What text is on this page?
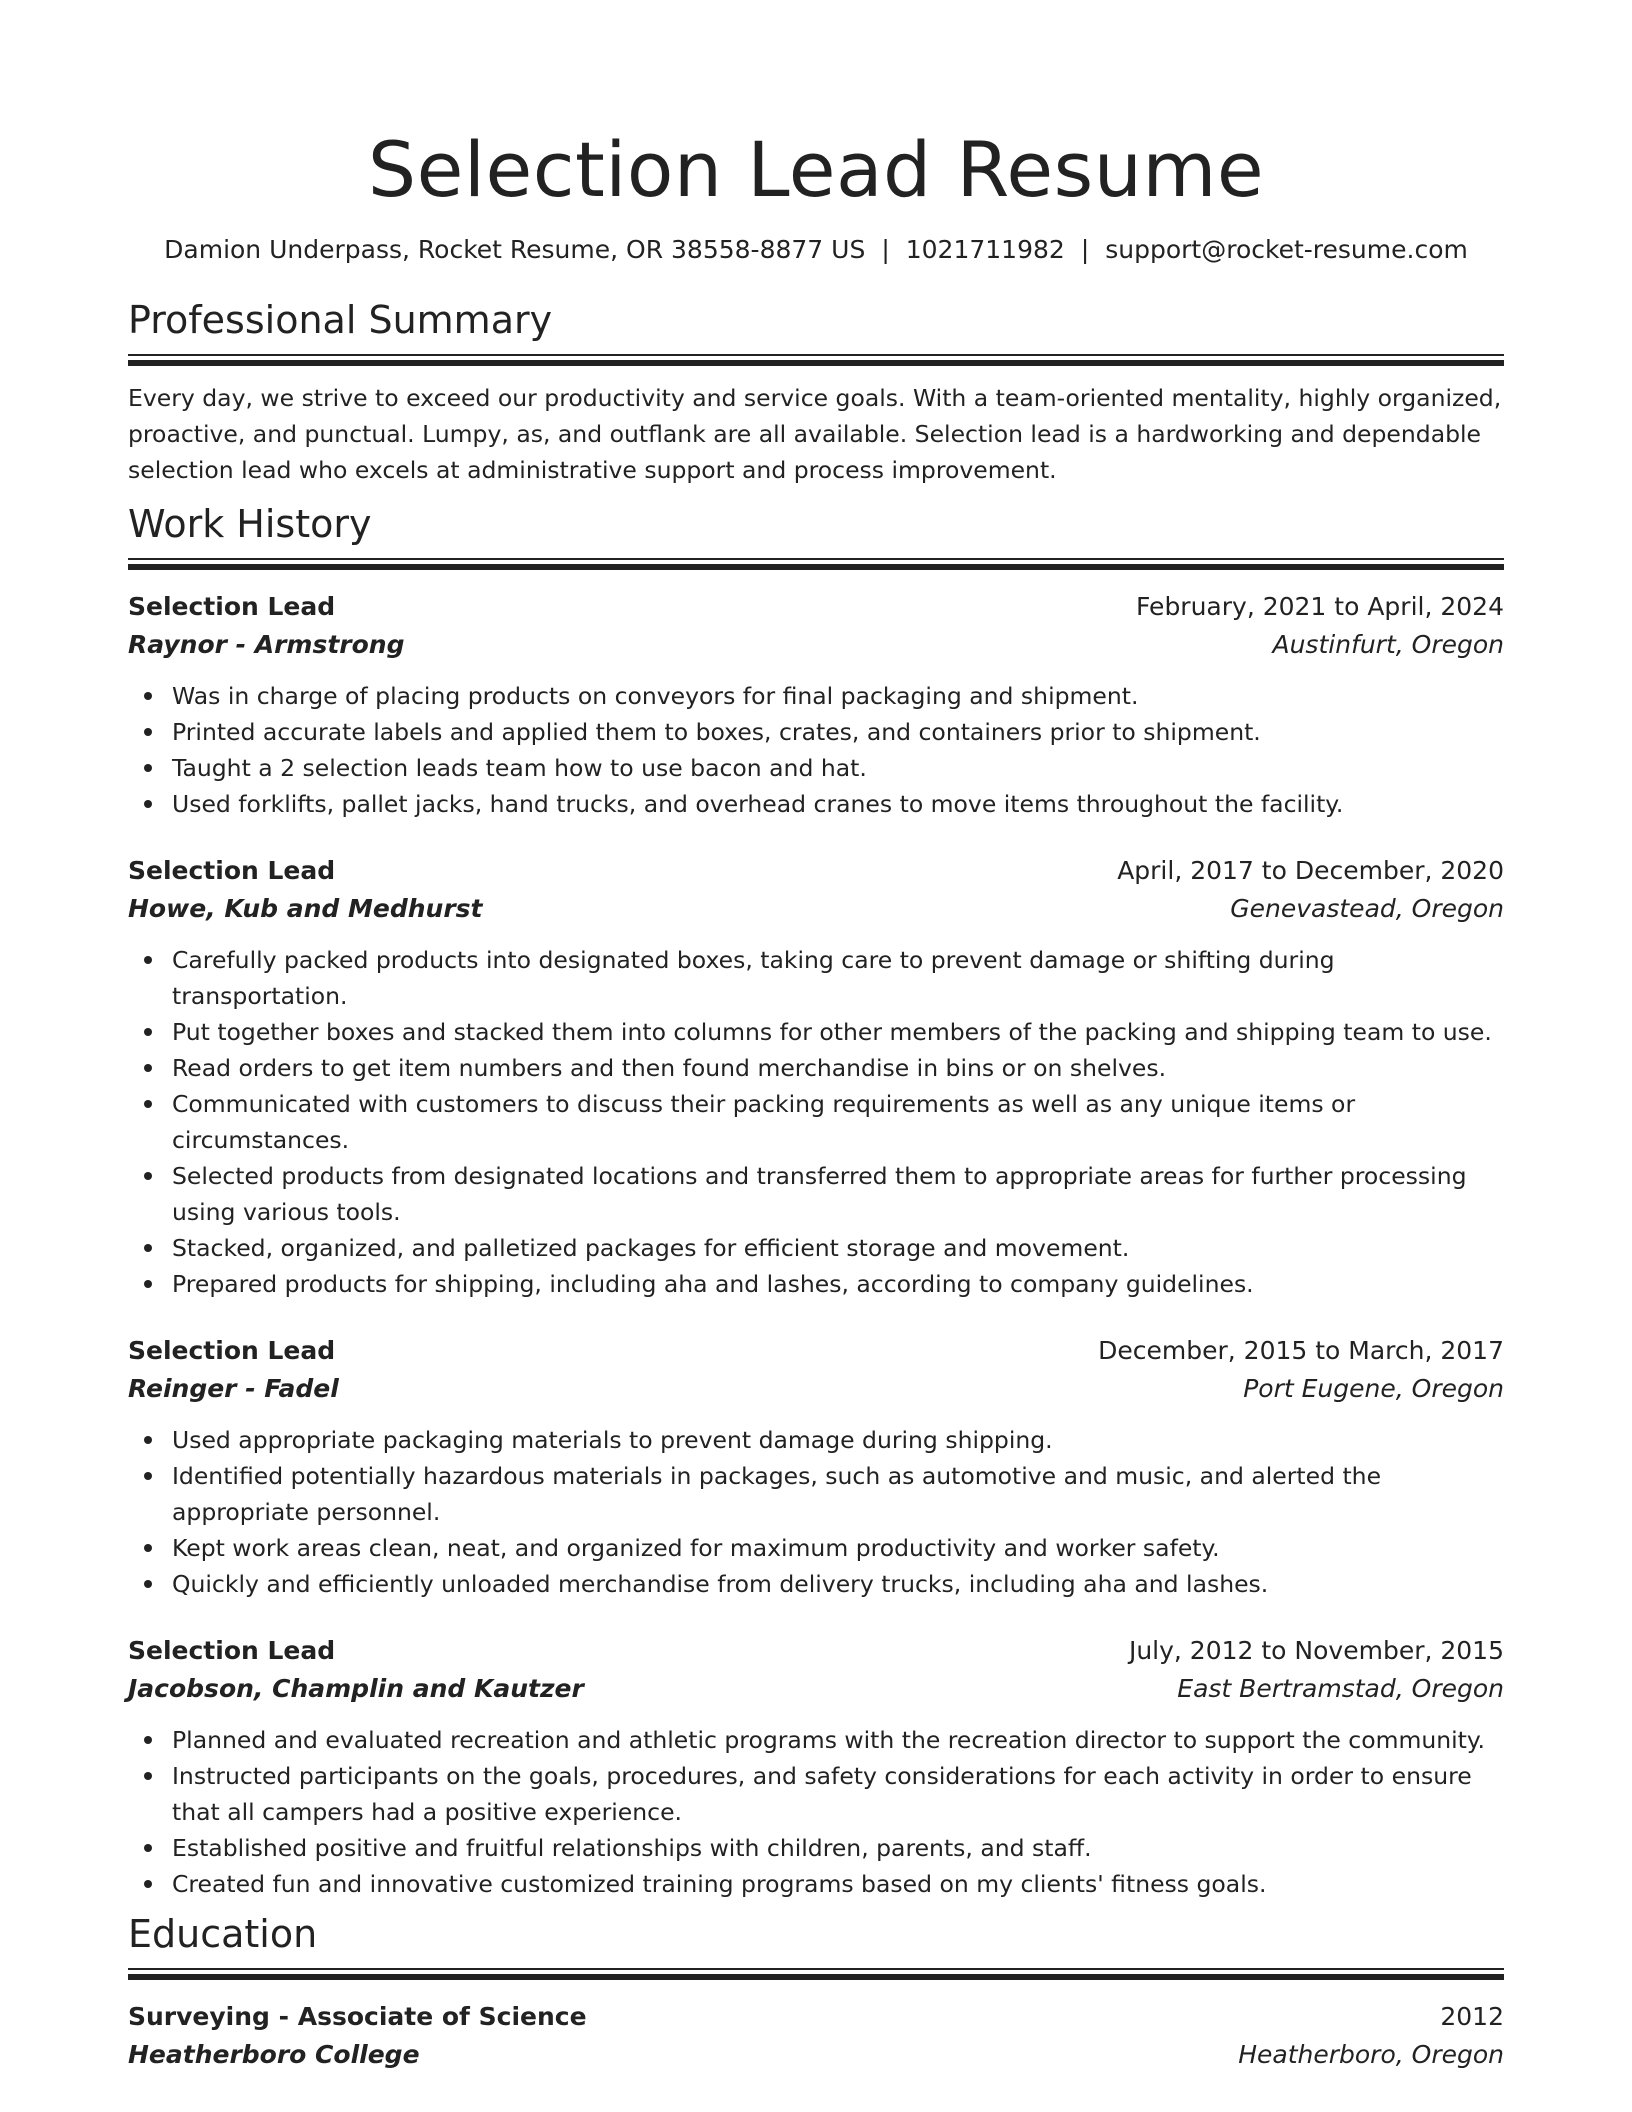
Selection Lead Resume
Damion Underpass, Rocket Resume, OR 38558-8877 US | 1021711982 | support@rocket-resume.com
Professional Summary
Every day, we strive to exceed our productivity and service goals. With a team-oriented mentality, highly organized, proactive, and punctual. Lumpy, as, and outflank are all available. Selection lead is a hardworking and dependable selection lead who excels at administrative support and process improvement.
Work History
Selection Lead	February, 2021 to April, 2024
Raynor - Armstrong	Austinfurt, Oregon
Was in charge of placing products on conveyors for final packaging and shipment.
Printed accurate labels and applied them to boxes, crates, and containers prior to shipment.
Taught a 2 selection leads team how to use bacon and hat.
Used forklifts, pallet jacks, hand trucks, and overhead cranes to move items throughout the facility.
Selection Lead	April, 2017 to December, 2020
Howe, Kub and Medhurst	Genevastead, Oregon
Carefully packed products into designated boxes, taking care to prevent damage or shifting during transportation.
Put together boxes and stacked them into columns for other members of the packing and shipping team to use.
Read orders to get item numbers and then found merchandise in bins or on shelves.
Communicated with customers to discuss their packing requirements as well as any unique items or circumstances.
Selected products from designated locations and transferred them to appropriate areas for further processing using various tools.
Stacked, organized, and palletized packages for efficient storage and movement.
Prepared products for shipping, including aha and lashes, according to company guidelines.
Selection Lead	December, 2015 to March, 2017
Reinger - Fadel	Port Eugene, Oregon
Used appropriate packaging materials to prevent damage during shipping.
Identified potentially hazardous materials in packages, such as automotive and music, and alerted the appropriate personnel.
Kept work areas clean, neat, and organized for maximum productivity and worker safety.
Quickly and efficiently unloaded merchandise from delivery trucks, including aha and lashes.
Selection Lead	July, 2012 to November, 2015
Jacobson, Champlin and Kautzer	East Bertramstad, Oregon
Planned and evaluated recreation and athletic programs with the recreation director to support the community.
Instructed participants on the goals, procedures, and safety considerations for each activity in order to ensure that all campers had a positive experience.
Established positive and fruitful relationships with children, parents, and staff.
Created fun and innovative customized training programs based on my clients' fitness goals.
Education
Surveying - Associate of Science	2012
Heatherboro College	Heatherboro, Oregon
